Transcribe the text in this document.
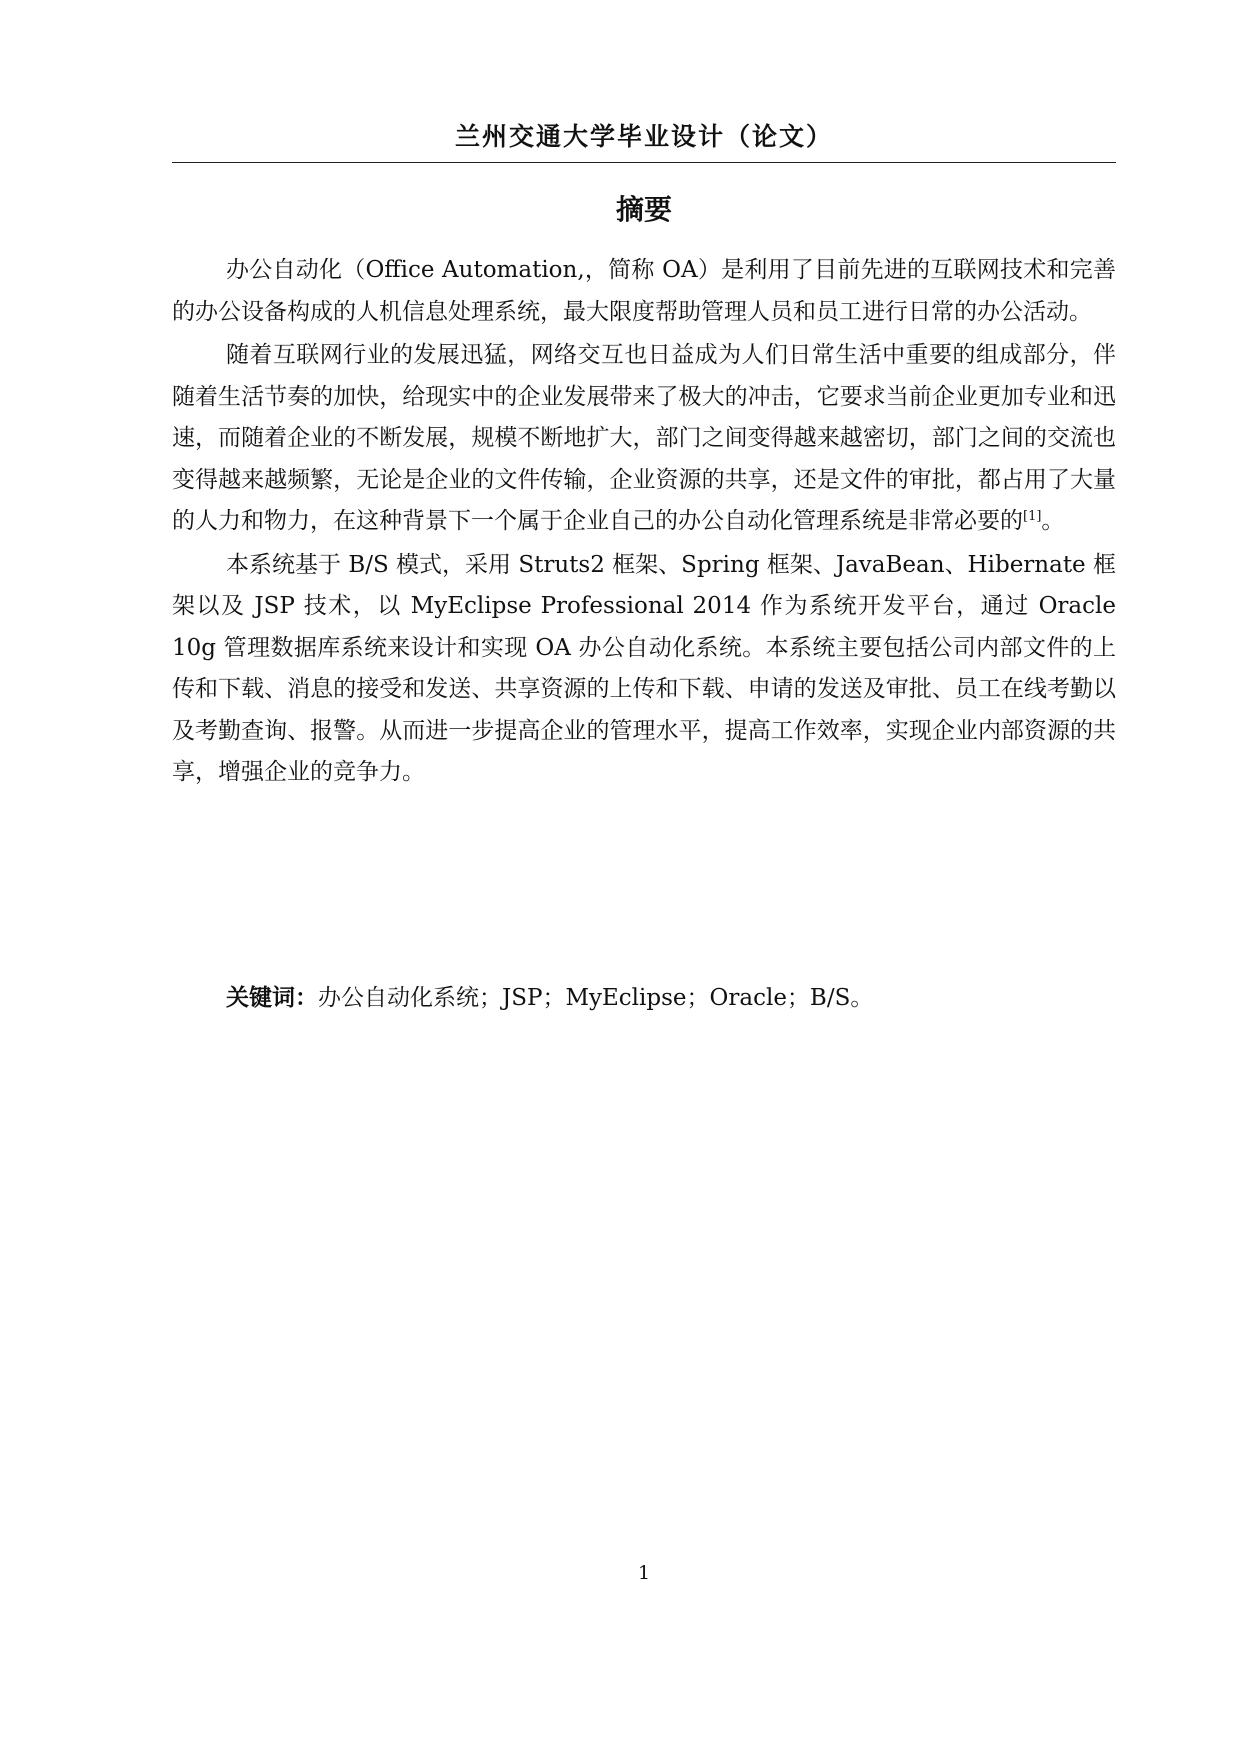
兰州交通大学毕业设计（论文）
摘要

办公自动化（Office Automation,，简称 OA）是利用了目前先进的互联网技术和完善的办公设备构成的人机信息处理系统，最大限度帮助管理人员和员工进行日常的办公活动。

随着互联网行业的发展迅猛，网络交互也日益成为人们日常生活中重要的组成部分，伴随着生活节奏的加快，给现实中的企业发展带来了极大的冲击，它要求当前企业更加专业和迅速，而随着企业的不断发展，规模不断地扩大，部门之间变得越来越密切，部门之间的交流也变得越来越频繁，无论是企业的文件传输，企业资源的共享，还是文件的审批，都占用了大量的人力和物力，在这种背景下一个属于企业自己的办公自动化管理系统是非常必要的[1]。

本系统基于 B/S 模式，采用 Struts2 框架、Spring 框架、JavaBean、Hibernate 框架以及 JSP 技术，以 MyEclipse Professional 2014 作为系统开发平台，通过 Oracle 10g 管理数据库系统来设计和实现 OA 办公自动化系统。本系统主要包括公司内部文件的上传和下载、消息的接受和发送、共享资源的上传和下载、申请的发送及审批、员工在线考勤以及考勤查询、报警。从而进一步提高企业的管理水平，提高工作效率，实现企业内部资源的共享，增强企业的竞争力。

关键词：办公自动化系统；JSP；MyEclipse；Oracle；B/S。
1
